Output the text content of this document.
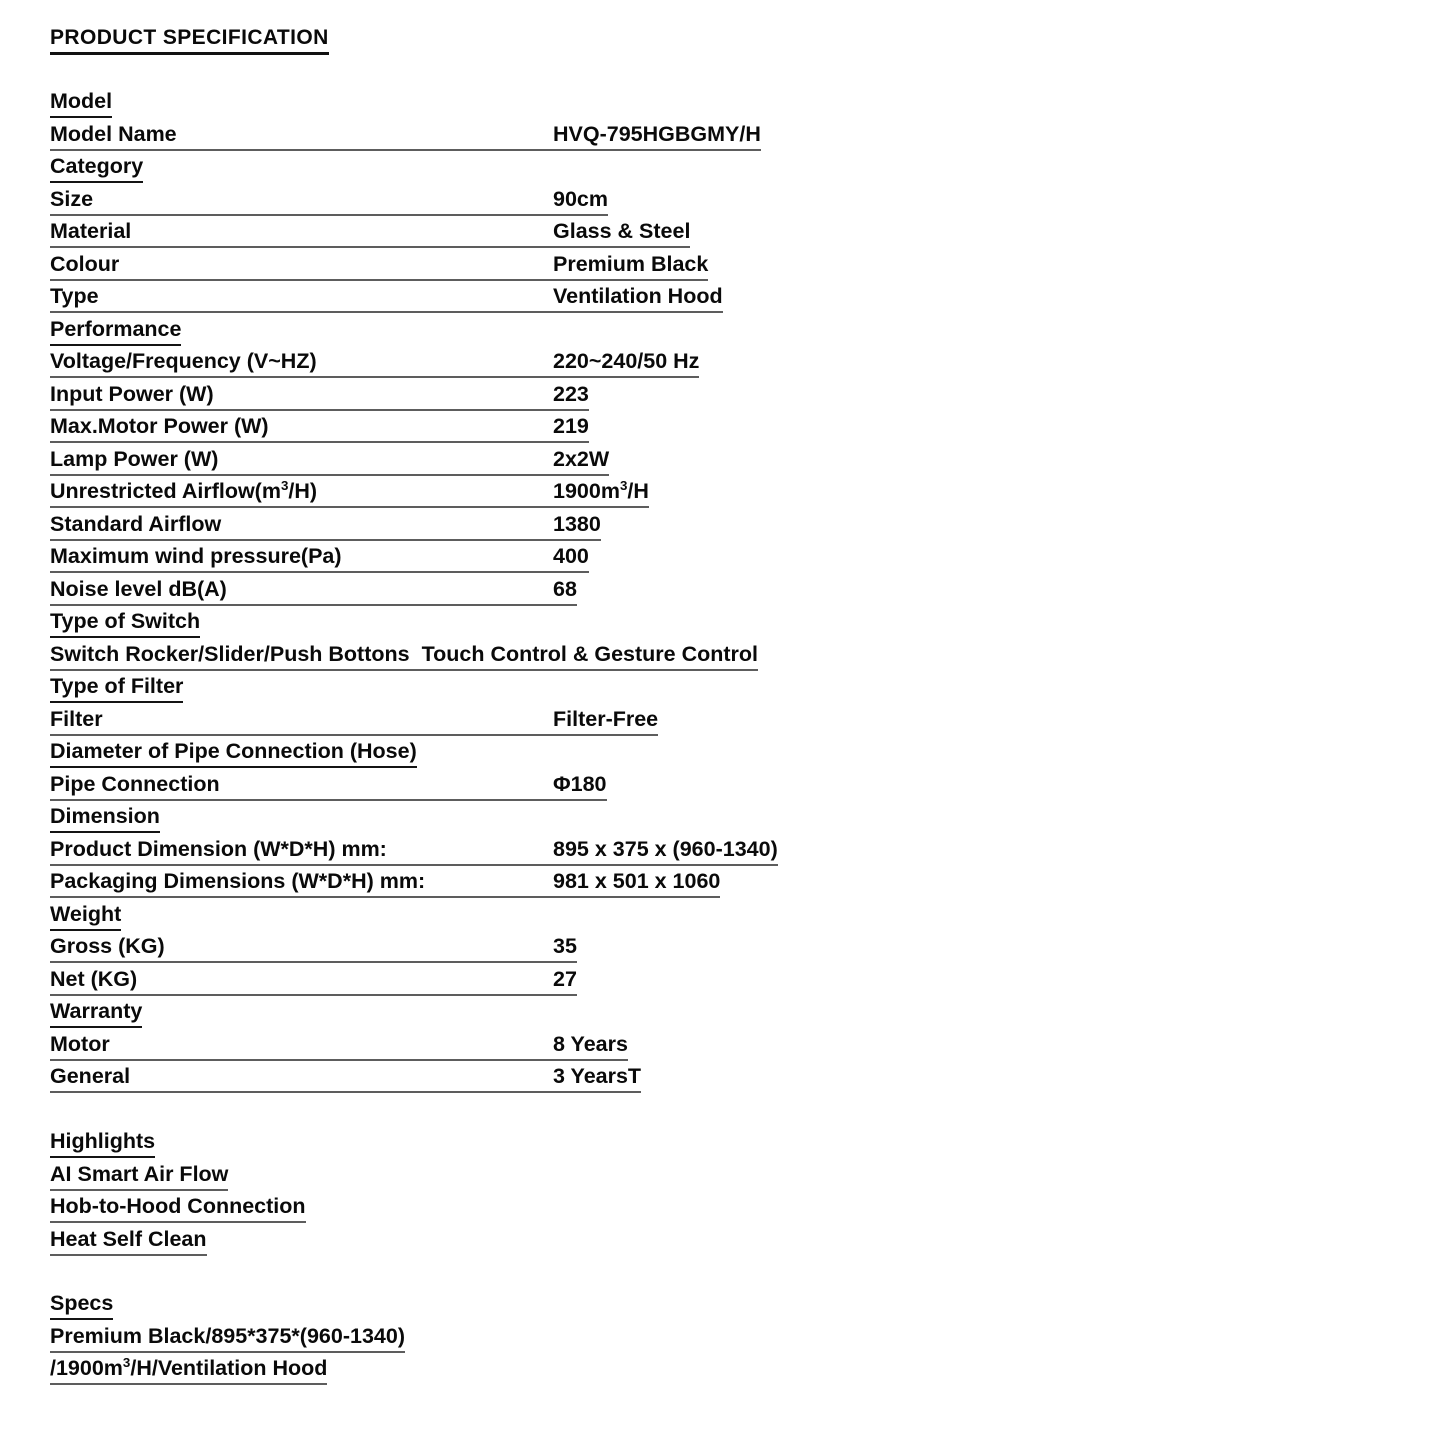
PRODUCT SPECIFICATION
Model
Model Name	HVQ-795HGBGMY/H
Category
Size	90cm
Material	Glass & Steel
Colour	Premium Black
Type	Ventilation Hood
Performance
Voltage/Frequency (V~HZ)	220~240/50 Hz
Input Power (W)	223
Max.Motor Power (W)	219
Lamp Power (W)	2x2W
Unrestricted $Airflow(m^3/H)$	$1900m^3/H$
Standard Airflow	1380
Maximum wind pressure(Pa)	400
Noise level dB(A)	68
Type of Switch
Switch Rocker/Slider/Push Bottons Touch Control & Gesture Control
Type of Filter
Filter	Filter-Free
Diameter of Pipe Connection (Hose)
Pipe Connection	Φ180
Dimension
Product Dimension (W*D*H) mm:	895 x 375 x (960-1340)
Packaging Dimensions (W*D*H) mm:	981 x 501 x 1060
Weight
Gross (KG)	35
Net (KG)	27
Warranty
Motor	8 Years
General	3 YearsT
Highlights
AI Smart Air Flow
Hob-to-Hood Connection
Heat Self Clean
Specs
Premium Black/895*375*(960-1340)
$/1900m^3/H$/Ventilation Hood
